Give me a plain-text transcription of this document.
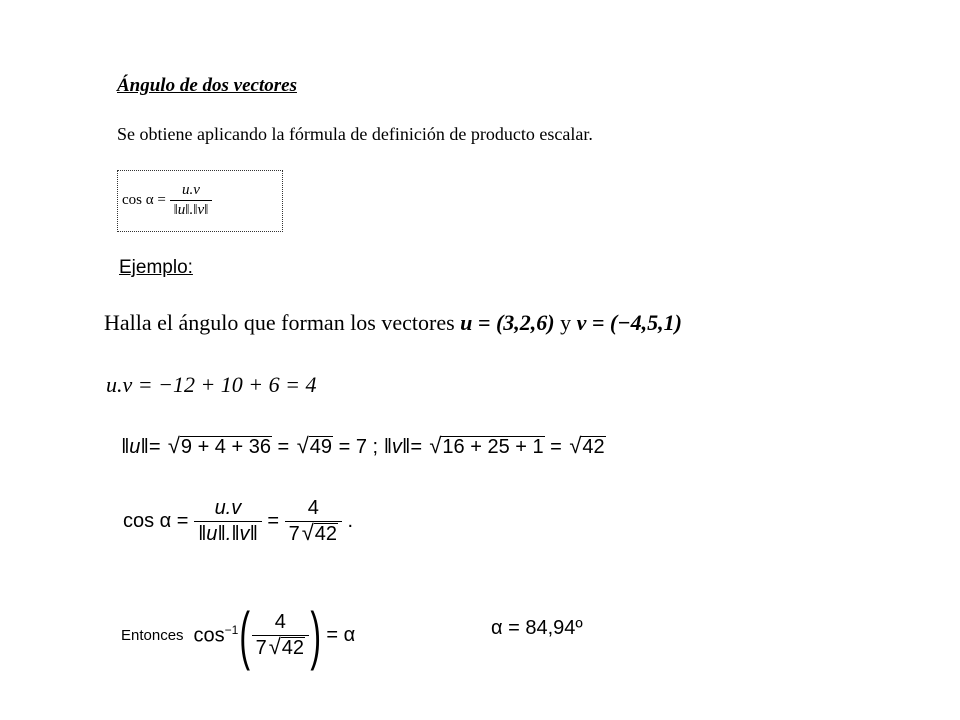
Ángulo de dos vectores
Se obtiene aplicando la fórmula de definición de producto escalar.
$\cos \alpha = \frac{u.v}{‖u‖.‖v‖}$
Ejemplo:
Halla el ángulo que forman los vectores u = (3,2,6) y v = (−4,5,1)
u.v = −12 + 10 + 6 = 4
‖u‖= √ 9 + 4 + 36 = √ 49 = 7 ; ‖v‖= √ 16 + 25 + 1 = √ 42
$\cos \alpha = \frac{u.v}{‖u‖.‖v‖} = \frac{4}{7 √ 42}$ .
Entonces $\cos^{-1}$ ( $\frac{4}{7 √ 42}$ ) = α	α = 84,94º
